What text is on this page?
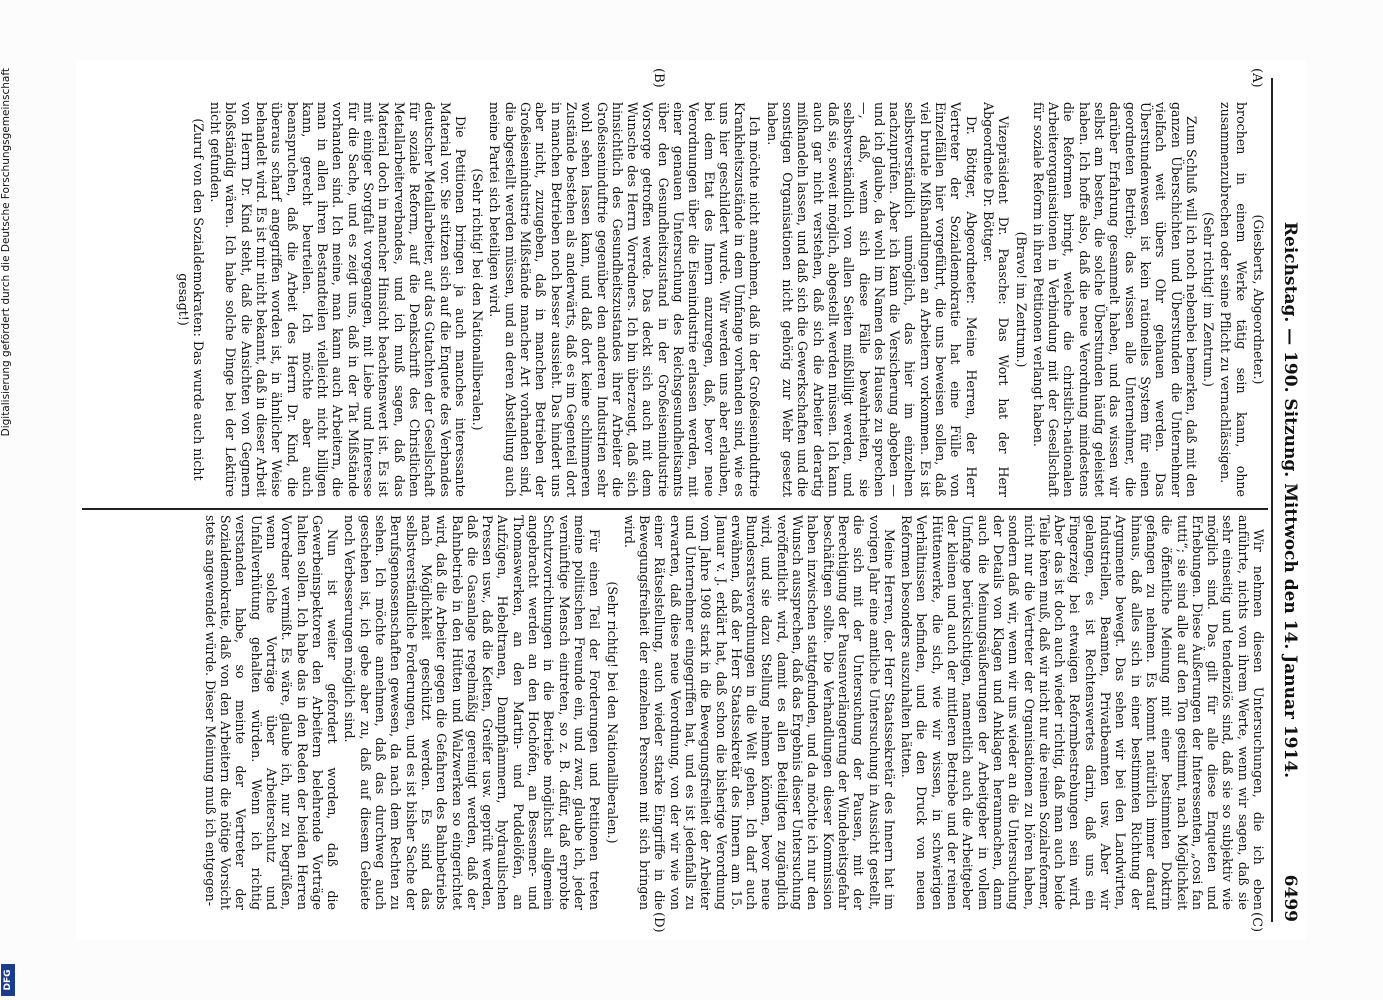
Digitalisierung gefördert durch die Deutsche Forschungsgemeinschaft
DFG
Reichstag. — 190. Sitzung. Mittwoch den 14. Januar 1914.
6499
(A)
(B)
(C)
(D)

(Giesberts, Abgeordneter.)

brochen in einem Werke tätig sein kann, ohne zusammenzubrechen oder seine Pflicht zu vernachlässigen.

(Sehr richtig! im Zentrum.)

Zum Schluß will ich noch nebenbei bemerken, daß mit den ganzen Überschichten und Überstunden die Unternehmer vielfach weit übers Ohr gehauen werden. Das Überstundenwesen ist kein rationelles System für einen geordneten Betrieb; das wissen alle Unternehmer, die darüber Erfahrung gesammelt haben, und das wissen wir selbst am besten, die solche Überstunden häufig geleistet haben. Ich hoffe also, daß die neue Verordnung mindestens die Reformen bringt, welche die christlich-nationalen Arbeiterorganisationen in Verbindung mit der Gesellschaft für soziale Reform in ihren Petitionen verlangt haben.

(Bravo! im Zentrum.)

Vizepräsident Dr. Paasche: Das Wort hat der Herr Abgeordnete Dr. Böttger.

Dr. Böttger, Abgeordneter: Meine Herren, der Herr Vertreter der Sozialdemokratie hat eine Fülle von Einzelfällen hier vorgeführt, die uns beweisen sollen, daß viel brutale Mißhandlungen an Arbeitern vorkommen. Es ist selbstverständlich unmöglich, das hier im einzelnen nachzuprüfen. Aber ich kann die Versicherung abgeben — und ich glaube, da wohl im Namen des Hauses zu sprechen —, daß, wenn sich diese Fälle bewahrheiten, sie selbstverständlich von allen Seiten mißbilligt werden, und daß sie, soweit möglich, abgestellt werden müssen. Ich kann auch gar nicht verstehen, daß sich die Arbeiter derartig mißhandeln lassen, und daß sich die Gewerkschaften und die sonstigen Organisationen nicht gehörig zur Wehr gesetzt haben.

Ich möchte nicht annehmen, daß in der Großeiseninduftrie Krankheitszustände in dem Umfange vorhanden sind, wie es uns hier geschildert wurde. Wir werden uns aber erlauben, bei dem Etat des Innern anzuregen, daß, bevor neue Verordnungen über die Eisenindustrie erlassen werden, mit einer genauen Untersuchung des Reichsgesundheitsamts über den Gesundheitszustand in der Großeisenindustrie Vorsorge getroffen werde. Das deckt sich auch mit dem Wunsche des Herrn Vorredners. Ich bin überzeugt, daß sich hinsichtlich des Gesundheitszustandes ihrer Arbeiter die Großeiseninduftrie gegenüber den anderen Industrien sehr wohl sehen lassen kann, und daß dort keine schlimmeren Zustände bestehen als anderwärts, daß es im Gegenteil dort in manchen Betrieben noch besser aussieht. Das hindert uns aber nicht, zuzugeben, daß in manchen Betrieben der Großeisenindustrie Mißstände mancher Art vorhanden sind, die abgestellt werden müssen, und an deren Abstellung auch meine Partei sich beteiligen wird.

(Sehr richtig! bei den Nationalliberalen.)

Die Petitionen bringen ja auch manches interessante Material vor. Sie stützen sich auf die Enquete des Verbandes deutscher Metallarbeiter, auf das Gutachten der Gesellschaft für soziale Reform, auf die Denkschrift des Christlichen Metallarbeiterverbandes, und ich muß sagen, daß das Material doch in mancher Hinsicht beachtenswert ist. Es ist mit einiger Sorgfalt vorgegangen, mit Liebe und Interesse für die Sache, und es zeigt uns, daß in der Tat Mißstände vorhanden sind. Ich meine, man kann auch Arbeitern, die man in allen ihren Bestandteilen vielleicht nicht billigen kann, gerecht beurteilen. Ich möchte aber auch beanspruchen, daß die Arbeit des Herrn Dr. Kind, die überaus scharf angegriffen worden ist, in ähnlicher Weise behandelt wird. Es ist mir nicht bekannt, daß in dieser Arbeit von Herrn Dr. Kind steht, daß die Ansichten von Gegnern bloßständig wären. Ich habe solche Dinge bei der Lektüre nicht gefunden.

(Zuruf von den Sozialdemokraten: Das wurde auch nicht gesagt!)

Wir nehmen diesen Untersuchungen, die ich eben anführte, nichts von ihrem Werte, wenn wir sagen, daß sie sehr einseitig und tendenziös sind, daß sie so subjektiv wie möglich sind. Das gilt für alle diese Enqueten und Erhebungen. Diese Äußerungen der Interessenten, „cosi fan tutti“; sie sind alle auf den Ton gestimmt, nach Möglichkeit die öffentliche Meinung mit einer bestimmten Doktrin gefangen zu nehmen. Es kommt natürlich immer darauf hinaus, daß alles sich in einer bestimmten Richtung der Argumente bewegt. Das sehen wir bei den Landwirten, Industriellen, Beamten, Privatbeamten usw. Aber wir gelangen, es ist Rechtenswertes darin, daß uns ein Fingerzeig bei etwaigen Reformbestrebungen sein wird. Aber das ist doch auch wieder richtig, daß man auch beide Teile hören muß, daß wir nicht nur die reinen Sozialreformer, nicht nur die Vertreter der Organisationen zu hören haben, sondern daß wir, wenn wir uns wieder an die Untersuchung der Details von Klagen und Anklagen heranmachen, dann auch die Meinungsäußerungen der Arbeitgeber in vollem Umfange berücksichtigen, namentlich auch die Arbeitgeber der kleinen und auch der mittleren Betriebe und der reinen Hüttenwerke, die sich, wie wir wissen, in schwierigen Verhältnissen befinden, und die den Druck von neuen Reformen besonders auszuhalten hätten.

Meine Herren, der Herr Staatssekretär des Innern hat im vorigen Jahr eine amtliche Untersuchung in Aussicht gestellt, die sich mit der Untersuchung der Pausen, mit der Berechtigung der Pausenverlängerung der Windeheitsgefahr beschäftigen sollte. Die Verhandlungen dieser Kommission haben inzwischen stattgefunden, und da möchte ich nur den Wunsch aussprechen, daß das Ergebnis dieser Untersuchung veröffentlicht wird, damit es allen Beteiligten zugänglich wird, und sie dazu Stellung nehmen können, bevor neue Bundesratsverordnungen in die Welt gehen. Ich darf auch erwähnen, daß der Herr Staatssekretär des Innern am 15. Januar v. J. erklärt hat, daß schon die bisherige Verordnung vom Jahre 1908 stark in die Bewegungsfreiheit der Arbeiter und Unternehmer eingegriffen hat, und es ist jedenfalls zu erwarten, daß diese neue Verordnung, von der wir wie von einer Rätselstellung, auch wieder starke Eingriffe in die Bewegungsfreiheit der einzelnen Personen mit sich bringen wird.

(Sehr richtig! bei den Nationalliberalen.)

Für einen Teil der Forderungen und Petitionen treten meine politischen Freunde ein, und zwar, glaube ich, jeder vernünftige Mensch eintreten, so z. B. dafür, daß erprobte Schutzvorrichtungen in die Betriebe möglichst allgemein angebracht werden an den Hochöfen, an Bessemer- und Thomaswerken, an den Martin- und Puddelöfen, an Aufzügen, Hebeltranen, Dampfhämmern, hydraulischen Pressen usw., daß die Ketten, Greifer usw. geprüft werden, daß die Gasanlage regelmäßig gereinigt werden, daß der Bahnbetrieb in den Hütten und Walzwerken so eingerichtet wird, daß die Arbeiter gegen die Gefahren des Bahnbetriebs nach Möglichkeit geschützt werden. Es sind das selbstverständliche Forderungen, und es ist bisher Sache der Berufsgenossenschaften gewesen, da nach dem Rechten zu sehen. Ich möchte annehmen, daß das durchweg auch geschehen ist, ich gebe aber zu, daß auf diesem Gebiete noch Verbesserungen möglich sind.

Nun ist weiter gefordert worden, daß die Gewerbeinspektoren den Arbeitern belehrende Vorträge halten sollen. Ich habe das in den Reden der beiden Herren Vorredner vermißt. Es wäre, glaube ich, nur zu begrüßen, wenn solche Vorträge über Arbeiterschutz und Unfallverhütung gehalten würden. Wenn ich richtig verstanden habe, so meinte der Vertreter der Sozialdemokratie, daß von den Arbeitern die nötige Vorsicht stets angewendet würde. Dieser Meinung muß ich entgegen-
